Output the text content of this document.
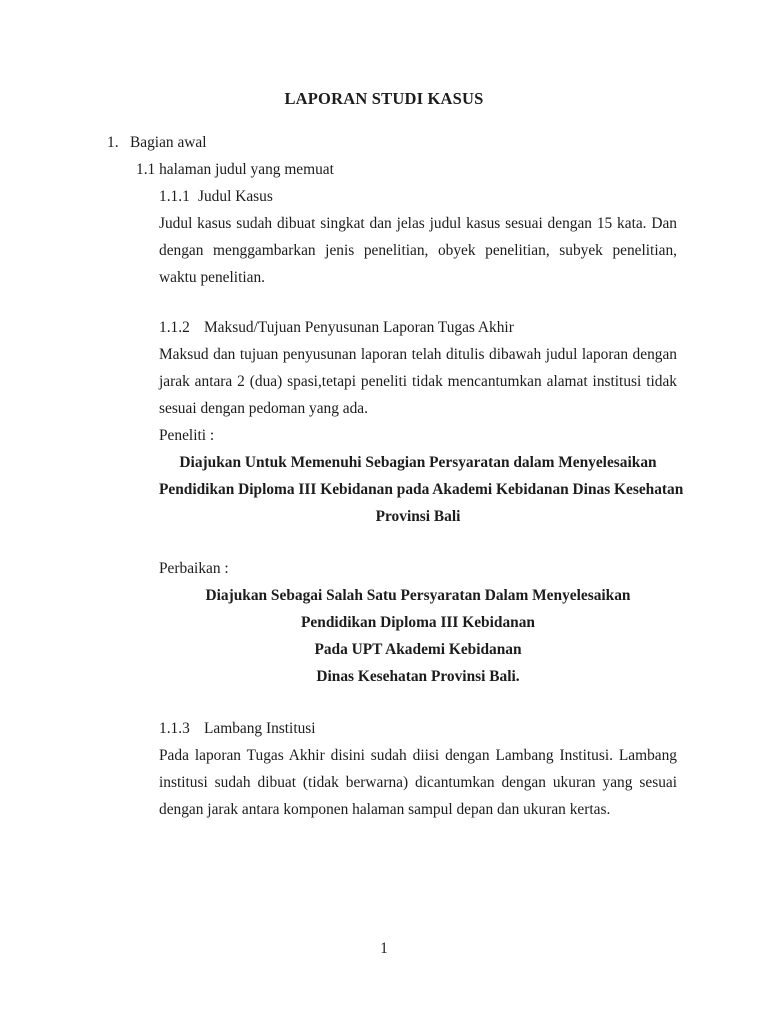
LAPORAN STUDI KASUS
1. Bagian awal
1.1 halaman judul yang memuat
1.1.1 Judul Kasus
Judul kasus sudah dibuat singkat dan jelas judul kasus sesuai dengan 15 kata. Dan dengan menggambarkan jenis penelitian, obyek penelitian, subyek penelitian, waktu penelitian.
1.1.2 Maksud/Tujuan Penyusunan Laporan Tugas Akhir
Maksud dan tujuan penyusunan laporan telah ditulis dibawah judul laporan dengan jarak antara 2 (dua) spasi,tetapi peneliti tidak mencantumkan alamat institusi tidak sesuai dengan pedoman yang ada.
Peneliti :
Diajukan Untuk Memenuhi Sebagian Persyaratan dalam Menyelesaikan
Pendidikan Diploma III Kebidanan pada Akademi Kebidanan Dinas Kesehatan
Provinsi Bali
Perbaikan :
Diajukan Sebagai Salah Satu Persyaratan Dalam Menyelesaikan
Pendidikan Diploma III Kebidanan
Pada UPT Akademi Kebidanan
Dinas Kesehatan Provinsi Bali.
1.1.3 Lambang Institusi
Pada laporan Tugas Akhir disini sudah diisi dengan Lambang Institusi. Lambang institusi sudah dibuat (tidak berwarna) dicantumkan dengan ukuran yang sesuai dengan jarak antara komponen halaman sampul depan dan ukuran kertas.
1
